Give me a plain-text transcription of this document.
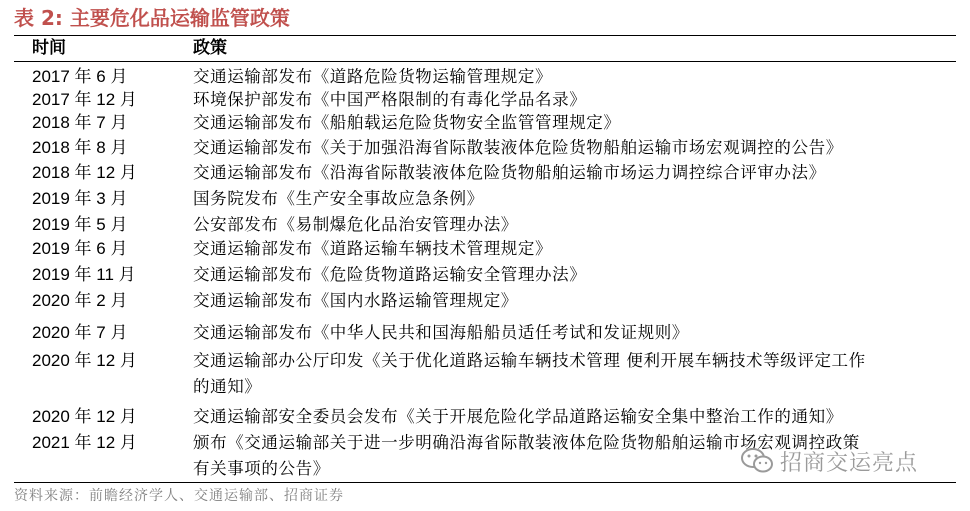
表 2: 主要危化品运输监管政策
时间	政策
2017 年 6 月	交通运输部发布《道路危险货物运输管理规定》
2017 年 12 月	环境保护部发布《中国严格限制的有毒化学品名录》
2018 年 7 月	交通运输部发布《船舶载运危险货物安全监管管理规定》
2018 年 8 月	交通运输部发布《关于加强沿海省际散装液体危险货物船舶运输市场宏观调控的公告》
2018 年 12 月	交通运输部发布《沿海省际散装液体危险货物船舶运输市场运力调控综合评审办法》
2019 年 3 月	国务院发布《生产安全事故应急条例》
2019 年 5 月	公安部发布《易制爆危化品治安管理办法》
2019 年 6 月	交通运输部发布《道路运输车辆技术管理规定》
2019 年 11 月	交通运输部发布《危险货物道路运输安全管理办法》
2020 年 2 月	交通运输部发布《国内水路运输管理规定》
2020 年 7 月	交通运输部发布《中华人民共和国海船船员适任考试和发证规则》
2020 年 12 月	交通运输部办公厅印发《关于优化道路运输车辆技术管理 便利开展车辆技术等级评定工作
的通知》
2020 年 12 月	交通运输部安全委员会发布《关于开展危险化学品道路运输安全集中整治工作的通知》
2021 年 12 月	颁布《交通运输部关于进一步明确沿海省际散装液体危险货物船舶运输市场宏观调控政策
有关事项的公告》
资料来源：前瞻经济学人、交通运输部、招商证券
招商交运亮点
